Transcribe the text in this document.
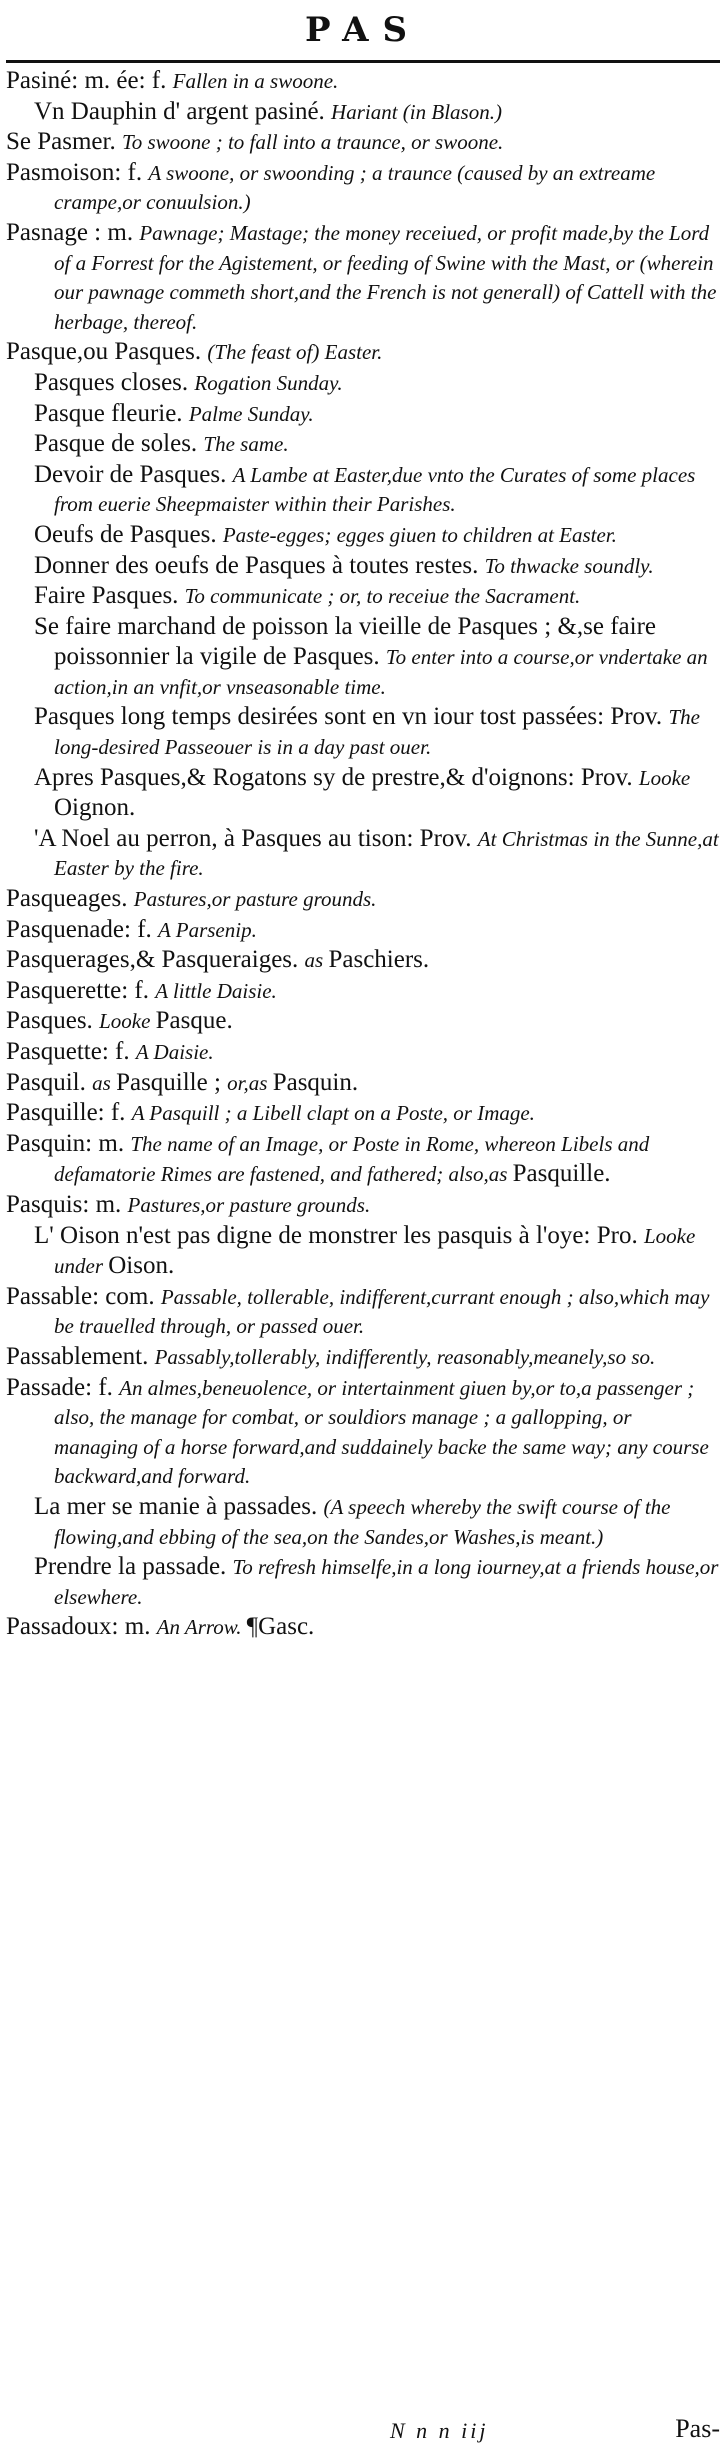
PAS

Pasiné: m. ée: f. Fallen in a swoone.

Vn Dauphin d' argent pasiné. Hariant (in Blason.)

Se Pasmer. To swoone ; to fall into a traunce, or swoone.

Pasmoison: f. A swoone, or swoonding ; a traunce (caused by an extreame crampe,or conuulsion.)

Pasnage : m. Pawnage; Mastage; the money receiued, or profit made,by the Lord of a Forrest for the Agistement, or feeding of Swine with the Mast, or (wherein our pawnage commeth short,and the French is not generall) of Cattell with the herbage, thereof.

Pasque,ou Pasques. (The feast of) Easter.

Pasques closes. Rogation Sunday.

Pasque fleurie. Palme Sunday.

Pasque de soles. The same.

Devoir de Pasques. A Lambe at Easter,due vnto the Curates of some places from euerie Sheepmaister within their Parishes.

Oeufs de Pasques. Paste-egges; egges giuen to children at Easter.

Donner des oeufs de Pasques à toutes restes. To thwacke soundly.

Faire Pasques. To communicate ; or, to receiue the Sacrament.

Se faire marchand de poisson la vieille de Pasques ; &,se faire poissonnier la vigile de Pasques. To enter into a course,or vndertake an action,in an vnfit,or vnseasonable time.

Pasques long temps desirées sont en vn iour tost passées: Prov. The long-desired Passeouer is in a day past ouer.

Apres Pasques,& Rogatons sy de prestre,& d'oignons: Prov. Looke Oignon.

'A Noel au perron, à Pasques au tison: Prov. At Christmas in the Sunne,at Easter by the fire.

Pasqueages. Pastures,or pasture grounds.

Pasquenade: f. A Parsenip.

Pasquerages,& Pasqueraiges. as Paschiers.

Pasquerette: f. A little Daisie.

Pasques. Looke Pasque.

Pasquette: f. A Daisie.

Pasquil. as Pasquille ; or,as Pasquin.

Pasquille: f. A Pasquill ; a Libell clapt on a Poste, or Image.

Pasquin: m. The name of an Image, or Poste in Rome, whereon Libels and defamatorie Rimes are fastened, and fathered; also,as Pasquille.

Pasquis: m. Pastures,or pasture grounds.

L' Oison n'est pas digne de monstrer les pasquis à l'oye: Pro. Looke under Oison.

Passable: com. Passable, tollerable, indifferent,currant enough ; also,which may be trauelled through, or passed ouer.

Passablement. Passably,tollerably, indifferently, reasonably,meanely,so so.

Passade: f. An almes,beneuolence, or intertainment giuen by,or to,a passenger ; also, the manage for combat, or souldiors manage ; a gallopping, or managing of a horse forward,and suddainely backe the same way; any course backward,and forward.

La mer se manie à passades. (A speech whereby the swift course of the flowing,and ebbing of the sea,on the Sandes,or Washes,is meant.)

Prendre la passade. To refresh himselfe,in a long iourney,at a friends house,or elsewhere.

Passadoux: m. An Arrow. ¶Gasc.

N n n iij	Pas-
